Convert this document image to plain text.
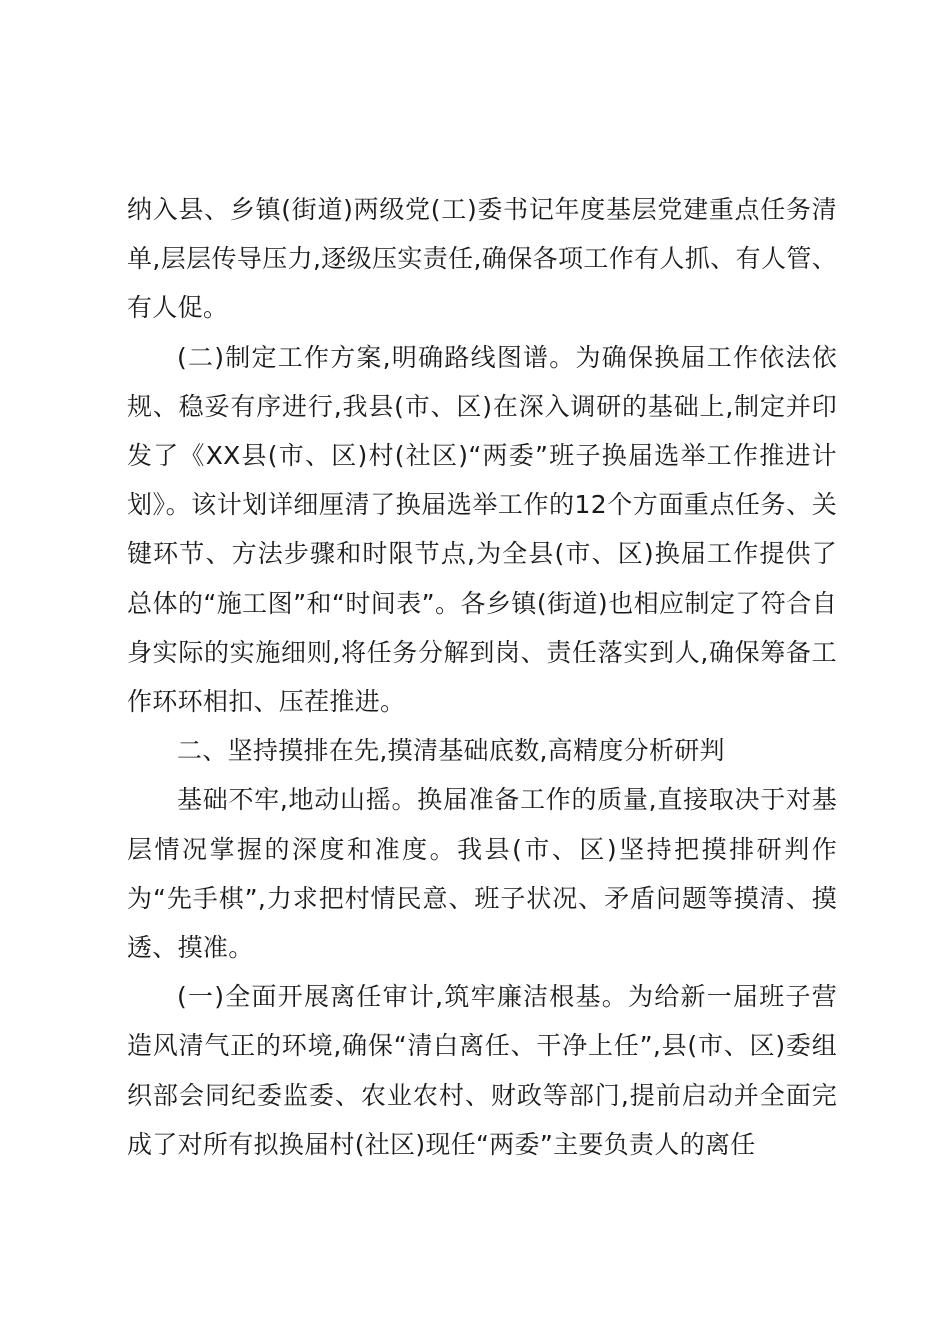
纳入县、乡镇(街道)两级党(工)委书记年度基层党建重点任务清单,层层传导压力,逐级压实责任,确保各项工作有人抓、有人管、有人促。

(二)制定工作方案,明确路线图谱。为确保换届工作依法依规、稳妥有序进行,我县(市、区)在深入调研的基础上,制定并印发了《XX县(市、区)村(社区)“两委”班子换届选举工作推进计划》。该计划详细厘清了换届选举工作的12个方面重点任务、关键环节、方法步骤和时限节点,为全县(市、区)换届工作提供了总体的“施工图”和“时间表”。各乡镇(街道)也相应制定了符合自身实际的实施细则,将任务分解到岗、责任落实到人,确保筹备工作环环相扣、压茬推进。

二、坚持摸排在先,摸清基础底数,高精度分析研判

基础不牢,地动山摇。换届准备工作的质量,直接取决于对基层情况掌握的深度和准度。我县(市、区)坚持把摸排研判作为“先手棋”,力求把村情民意、班子状况、矛盾问题等摸清、摸透、摸准。

(一)全面开展离任审计,筑牢廉洁根基。为给新一届班子营造风清气正的环境,确保“清白离任、干净上任”,县(市、区)委组织部会同纪委监委、农业农村、财政等部门,提前启动并全面完成了对所有拟换届村(社区)现任“两委”主要负责人的离任
